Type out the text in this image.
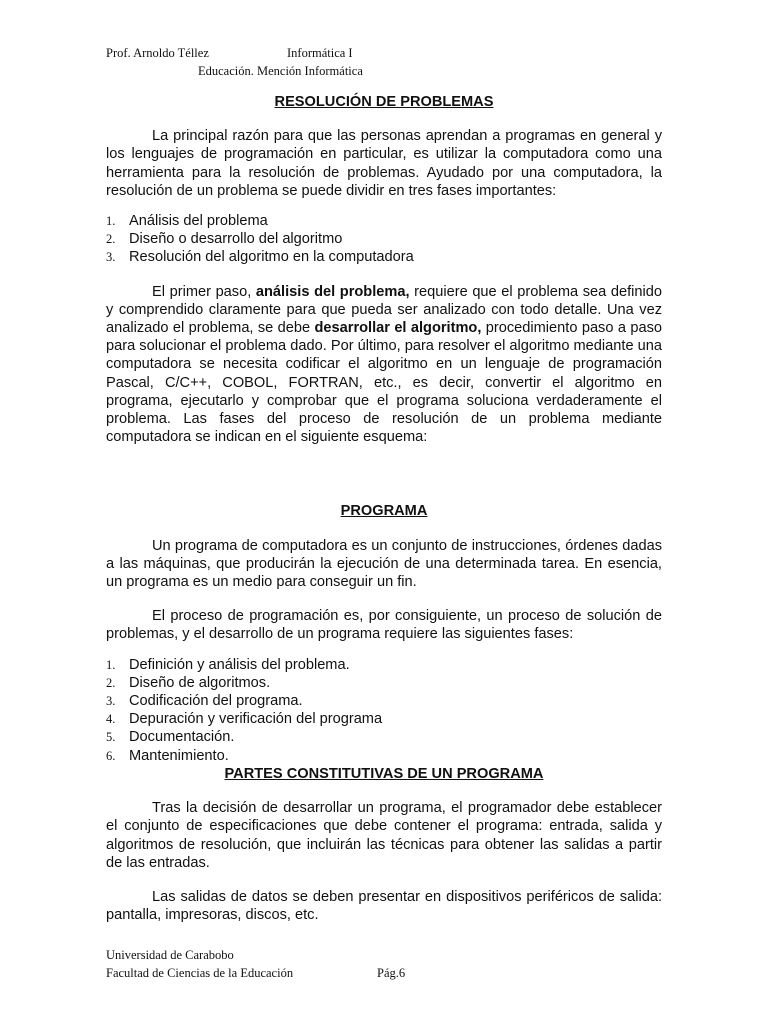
Prof. Arnoldo Téllez	Informática I
Educación. Mención Informática

RESOLUCIÓN DE PROBLEMAS

La principal razón para que las personas aprendan a programas en general y los lenguajes de programación en particular, es utilizar la computadora como una herramienta para la resolución de problemas. Ayudado por una computadora, la resolución de un problema se puede dividir en tres fases importantes:

1. Análisis del problema
2. Diseño o desarrollo del algoritmo
3. Resolución del algoritmo en la computadora

El primer paso, análisis del problema, requiere que el problema sea definido y comprendido claramente para que pueda ser analizado con todo detalle. Una vez analizado el problema, se debe desarrollar el algoritmo, procedimiento paso a paso para solucionar el problema dado. Por último, para resolver el algoritmo mediante una computadora se necesita codificar el algoritmo en un lenguaje de programación Pascal, C/C++, COBOL, FORTRAN, etc., es decir, convertir el algoritmo en programa, ejecutarlo y comprobar que el programa soluciona verdaderamente el problema. Las fases del proceso de resolución de un problema mediante computadora se indican en el siguiente esquema:

PROGRAMA

Un programa de computadora es un conjunto de instrucciones, órdenes dadas a las máquinas, que producirán la ejecución de una determinada tarea. En esencia, un programa es un medio para conseguir un fin.

El proceso de programación es, por consiguiente, un proceso de solución de problemas, y el desarrollo de un programa requiere las siguientes fases:

1. Definición y análisis del problema.
2. Diseño de algoritmos.
3. Codificación del programa.
4. Depuración y verificación del programa
5. Documentación.
6. Mantenimiento.

PARTES CONSTITUTIVAS DE UN PROGRAMA

Tras la decisión de desarrollar un programa, el programador debe establecer el conjunto de especificaciones que debe contener el programa: entrada, salida y algoritmos de resolución, que incluirán las técnicas para obtener las salidas a partir de las entradas.

Las salidas de datos se deben presentar en dispositivos periféricos de salida: pantalla, impresoras, discos, etc.

Universidad de Carabobo
Facultad de Ciencias de la Educación	Pág.6
